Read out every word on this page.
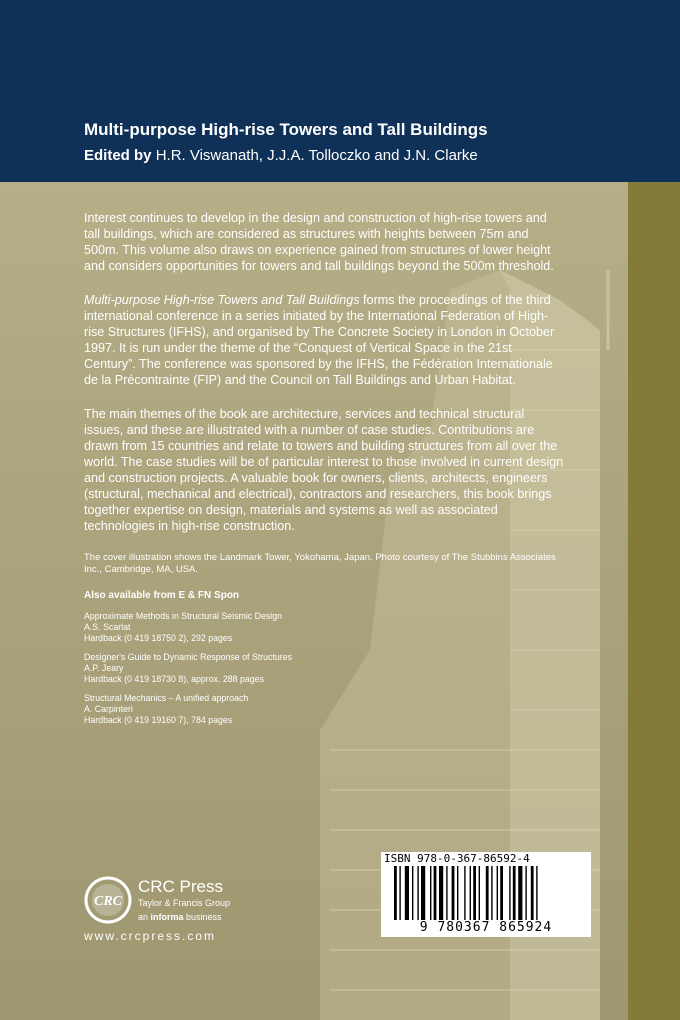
Multi-purpose High-rise Towers and Tall Buildings
Edited by H.R. Viswanath, J.J.A. Tolloczko and J.N. Clarke

Interest continues to develop in the design and construction of high-rise towers and tall buildings, which are considered as structures with heights between 75m and 500m. This volume also draws on experience gained from structures of lower height and considers opportunities for towers and tall buildings beyond the 500m threshold.

Multi-purpose High-rise Towers and Tall Buildings forms the proceedings of the third international conference in a series initiated by the International Federation of High-rise Structures (IFHS), and organised by The Concrete Society in London in October 1997. It is run under the theme of the “Conquest of Vertical Space in the 21st Century”. The conference was sponsored by the IFHS, the Fédération Internationale de la Précontrainte (FIP) and the Council on Tall Buildings and Urban Habitat.

The main themes of the book are architecture, services and technical structural issues, and these are illustrated with a number of case studies. Contributions are drawn from 15 countries and relate to towers and building structures from all over the world. The case studies will be of particular interest to those involved in current design and construction projects. A valuable book for owners, clients, architects, engineers (structural, mechanical and electrical), contractors and researchers, this book brings together expertise on design, materials and systems as well as associated technologies in high-rise construction.

The cover illustration shows the Landmark Tower, Yokohama, Japan. Photo courtesy of The Stubbins Associates Inc., Cambridge, MA, USA.

Also available from E & FN Spon
Approximate Methods in Structural Seismic Design
A.S. Scarlat
Hardback (0 419 18750 2), 292 pages
Designer's Guide to Dynamic Response of Structures
A.P. Jeary
Hardback (0 419 18730 8), approx. 288 pages
Structural Mechanics – A unified approach
A. Carpinteri
Hardback (0 419 19160 7), 784 pages
CRC
CRC Press
Taylor & Francis Group
an informa business
www.crcpress.com
ISBN 978-0-367-86592-4
9 780367 865924
